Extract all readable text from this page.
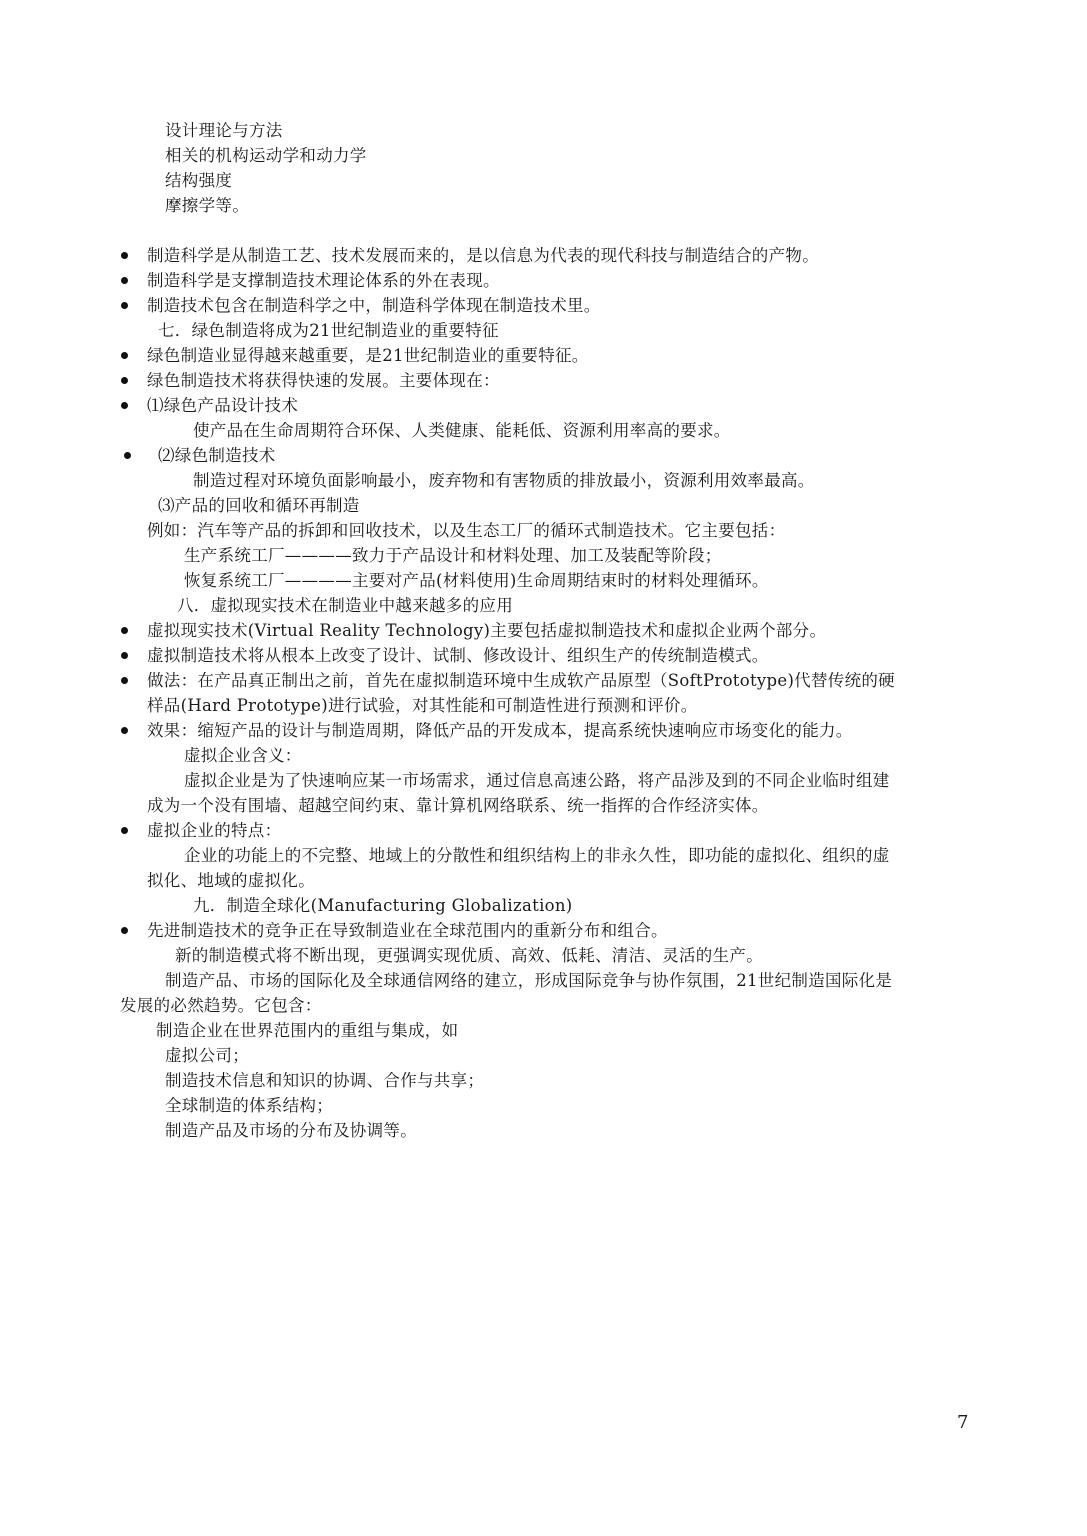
设计理论与方法
相关的机构运动学和动力学
结构强度
摩擦学等。
制造科学是从制造工艺、技术发展而来的，是以信息为代表的现代科技与制造结合的产物。
制造科学是支撑制造技术理论体系的外在表现。
制造技术包含在制造科学之中，制造科学体现在制造技术里。
七．绿色制造将成为21世纪制造业的重要特征
绿色制造业显得越来越重要，是21世纪制造业的重要特征。
绿色制造技术将获得快速的发展。主要体现在：
⑴绿色产品设计技术
使产品在生命周期符合环保、人类健康、能耗低、资源利用率高的要求。
⑵绿色制造技术
制造过程对环境负面影响最小，废弃物和有害物质的排放最小，资源利用效率最高。
⑶产品的回收和循环再制造
例如：汽车等产品的拆卸和回收技术，以及生态工厂的循环式制造技术。它主要包括：
生产系统工厂————致力于产品设计和材料处理、加工及装配等阶段；
恢复系统工厂————主要对产品(材料使用)生命周期结束时的材料处理循环。
八．虚拟现实技术在制造业中越来越多的应用
虚拟现实技术(Virtual Reality Technology)主要包括虚拟制造技术和虚拟企业两个部分。
虚拟制造技术将从根本上改变了设计、试制、修改设计、组织生产的传统制造模式。
做法：在产品真正制出之前，首先在虚拟制造环境中生成软产品原型（SoftPrototype)代替传统的硬
样品(Hard Prototype)进行试验，对其性能和可制造性进行预测和评价。
效果：缩短产品的设计与制造周期，降低产品的开发成本，提高系统快速响应市场变化的能力。
虚拟企业含义：
虚拟企业是为了快速响应某一市场需求，通过信息高速公路，将产品涉及到的不同企业临时组建
成为一个没有围墙、超越空间约束、靠计算机网络联系、统一指挥的合作经济实体。
虚拟企业的特点：
企业的功能上的不完整、地域上的分散性和组织结构上的非永久性，即功能的虚拟化、组织的虚
拟化、地域的虚拟化。
九．制造全球化(Manufacturing Globalization)
先进制造技术的竞争正在导致制造业在全球范围内的重新分布和组合。
新的制造模式将不断出现，更强调实现优质、高效、低耗、清洁、灵活的生产。
制造产品、市场的国际化及全球通信网络的建立，形成国际竞争与协作氛围，21世纪制造国际化是
发展的必然趋势。它包含：
制造企业在世界范围内的重组与集成，如
虚拟公司；
制造技术信息和知识的协调、合作与共享；
全球制造的体系结构；
制造产品及市场的分布及协调等。
7
